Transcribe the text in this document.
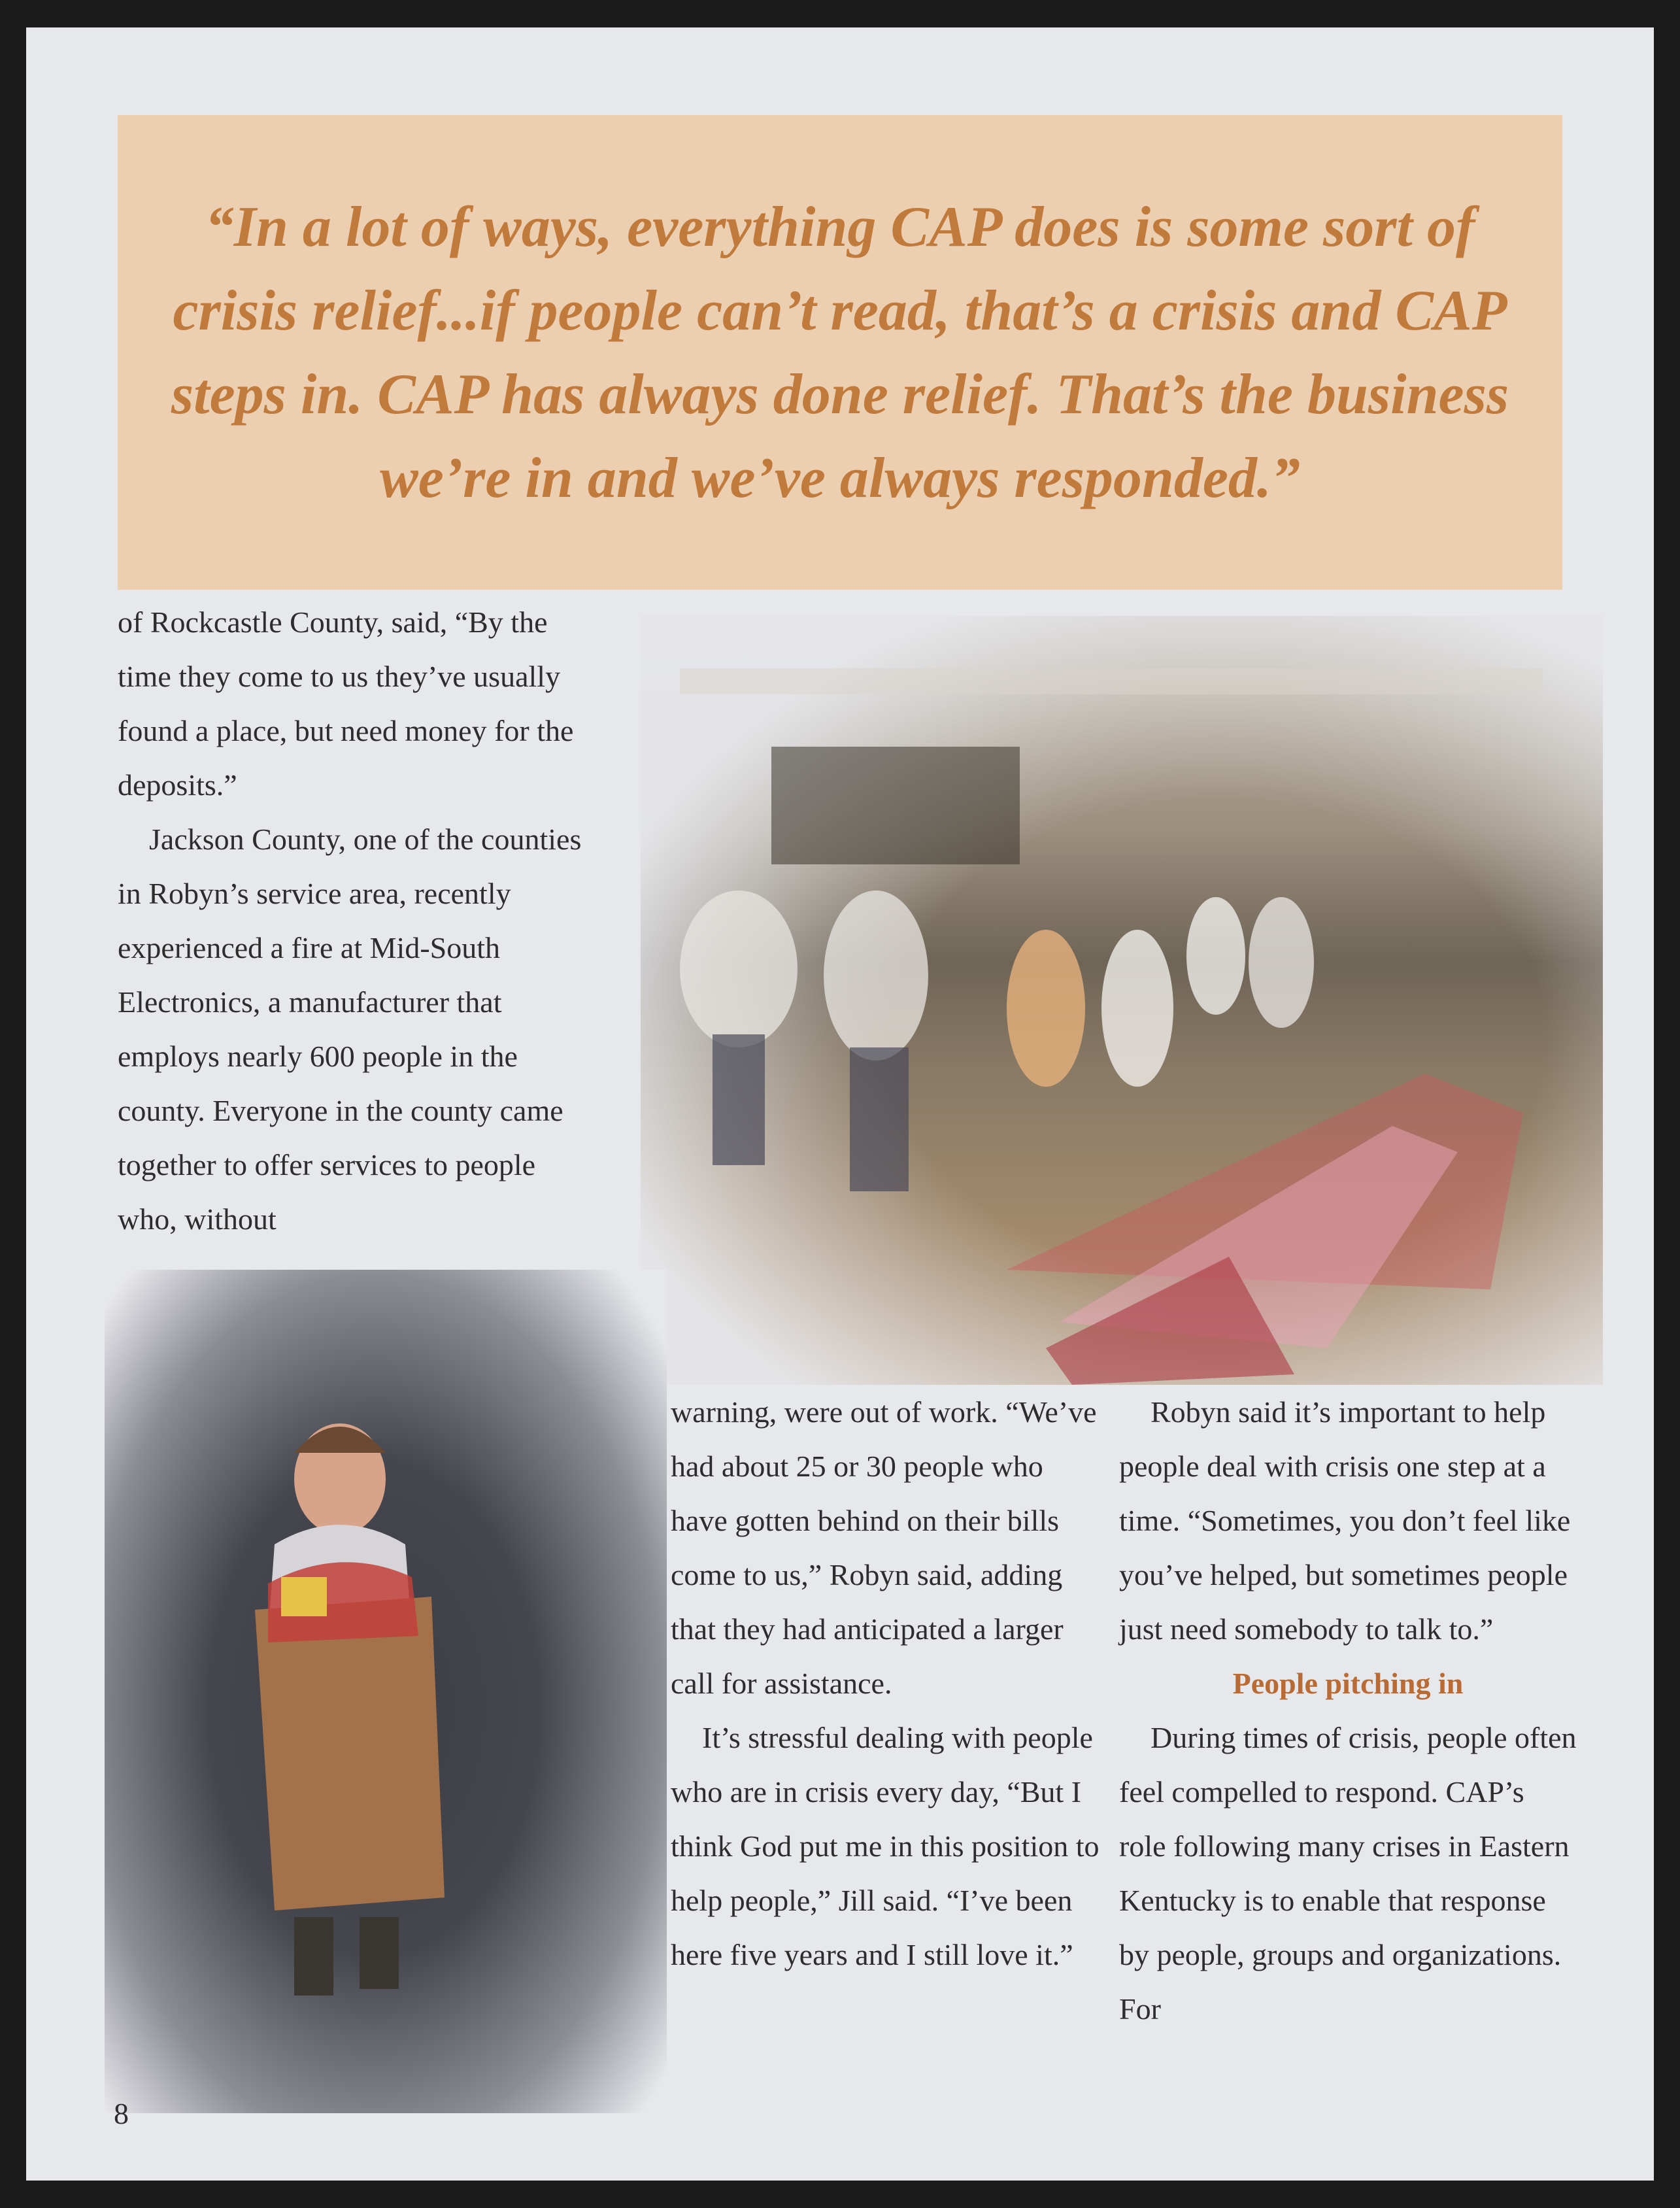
“In a lot of ways, everything CAP does is some sort of crisis relief...if people can’t read, that’s a crisis and CAP steps in. CAP has always done relief. That’s the business we’re in and we’ve always responded.”

of Rockcastle County, said, “By the time they come to us they’ve usually found a place, but need money for the deposits.”

Jackson County, one of the counties in Robyn’s service area, recently experienced a fire at Mid-South Electronics, a manufacturer that employs nearly 600 people in the county. Everyone in the county came together to offer services to people who, without

warning, were out of work. “We’ve had about 25 or 30 people who have gotten behind on their bills come to us,” Robyn said, adding that they had anticipated a larger call for assistance.

It’s stressful dealing with people who are in crisis every day, “But I think God put me in this position to help people,” Jill said. “I’ve been here five years and I still love it.”

Robyn said it’s important to help people deal with crisis one step at a time. “Sometimes, you don’t feel like you’ve helped, but sometimes people just need somebody to talk to.”

People pitching in

During times of crisis, people often feel compelled to respond. CAP’s role following many crises in Eastern Kentucky is to enable that response by people, groups and organizations. For

8
